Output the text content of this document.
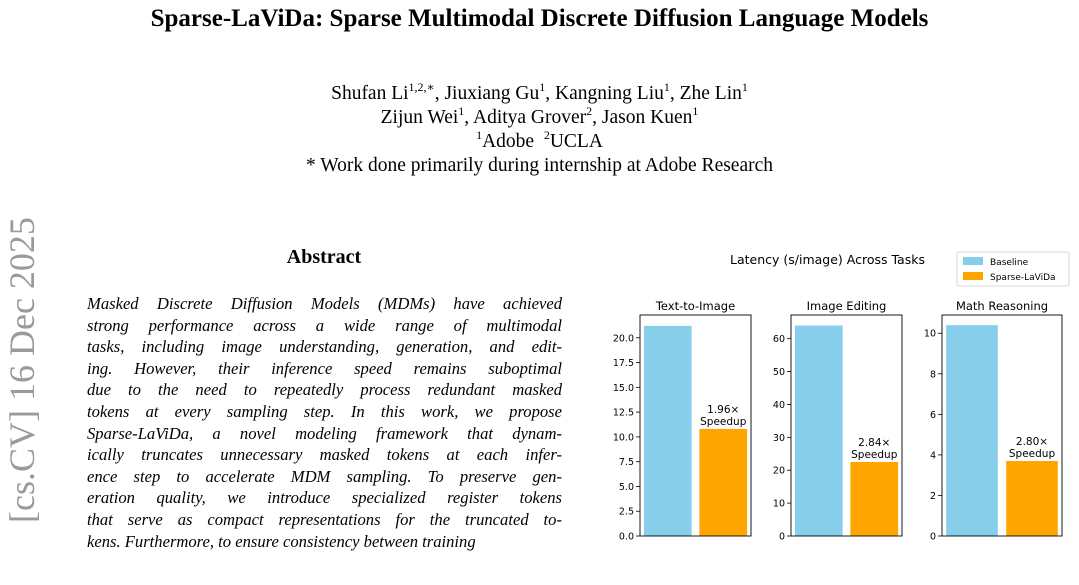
[cs.CV] 16 Dec 2025
Sparse-LaViDa: Sparse Multimodal Discrete Diffusion Language Models
Shufan $Li^{1,2,∗}$, Jiuxiang Gu$^1$, Kangning Liu$^1$, Zhe Lin$^1$
Zijun Wei$^1$, Aditya Grover$^2$, Jason Kuen$^1$
$^1$Adobe  $^2$UCLA
* Work done primarily during internship at Adobe Research
Abstract
Masked Discrete Diffusion Models (MDMs) have achieved
strong performance across a wide range of multimodal
tasks, including image understanding, generation, and edit-
ing. However, their inference speed remains suboptimal
due to the need to repeatedly process redundant masked
tokens at every sampling step. In this work, we propose
Sparse-LaViDa, a novel modeling framework that dynam-
ically truncates unnecessary masked tokens at each infer-
ence step to accelerate MDM sampling. To preserve gen-
eration quality, we introduce specialized register tokens
that serve as compact representations for the truncated to-
kens. Furthermore, to ensure consistency between training
Latency (s/image) Across Tasks	Baseline
Sparse-LaViDa
Text-to-Image
1.96×
Speedup
0.0
2.5
5.0
7.5
10.0
12.5
15.0
17.5
20.0
Image Editing
2.84×
Speedup
0
10
20
30
40
50
60
Math Reasoning
2.80×
Speedup
0
2
4
6
8
10
